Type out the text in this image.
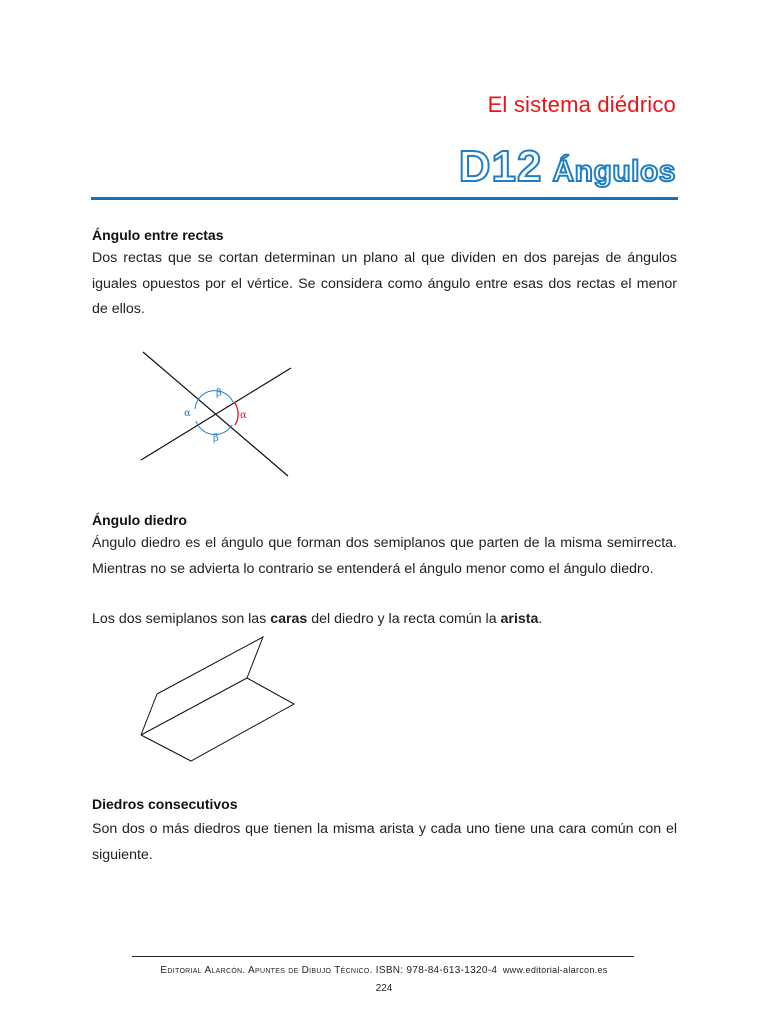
El sistema diédrico
D12 Ángulos
Ángulo entre rectas

Dos rectas que se cortan determinan un plano al que dividen en dos parejas de ángulos iguales opuestos por el vértice. Se considera como ángulo entre esas dos rectas el menor de ellos.

β
β
α	α
Ángulo diedro

Ángulo diedro es el ángulo que forman dos semiplanos que parten de la misma semirrecta. Mientras no se advierta lo contrario se entenderá el ángulo menor como el ángulo diedro.

Los dos semiplanos son las caras del diedro y la recta común la arista.

Diedros consecutivos

Son dos o más diedros que tienen la misma arista y cada uno tiene una cara común con el siguiente.

Editorial Alarcón. Apuntes de Dibujo Técnico. ISBN: 978-84-613-1320-4 www.editorial-alarcon.es
224
